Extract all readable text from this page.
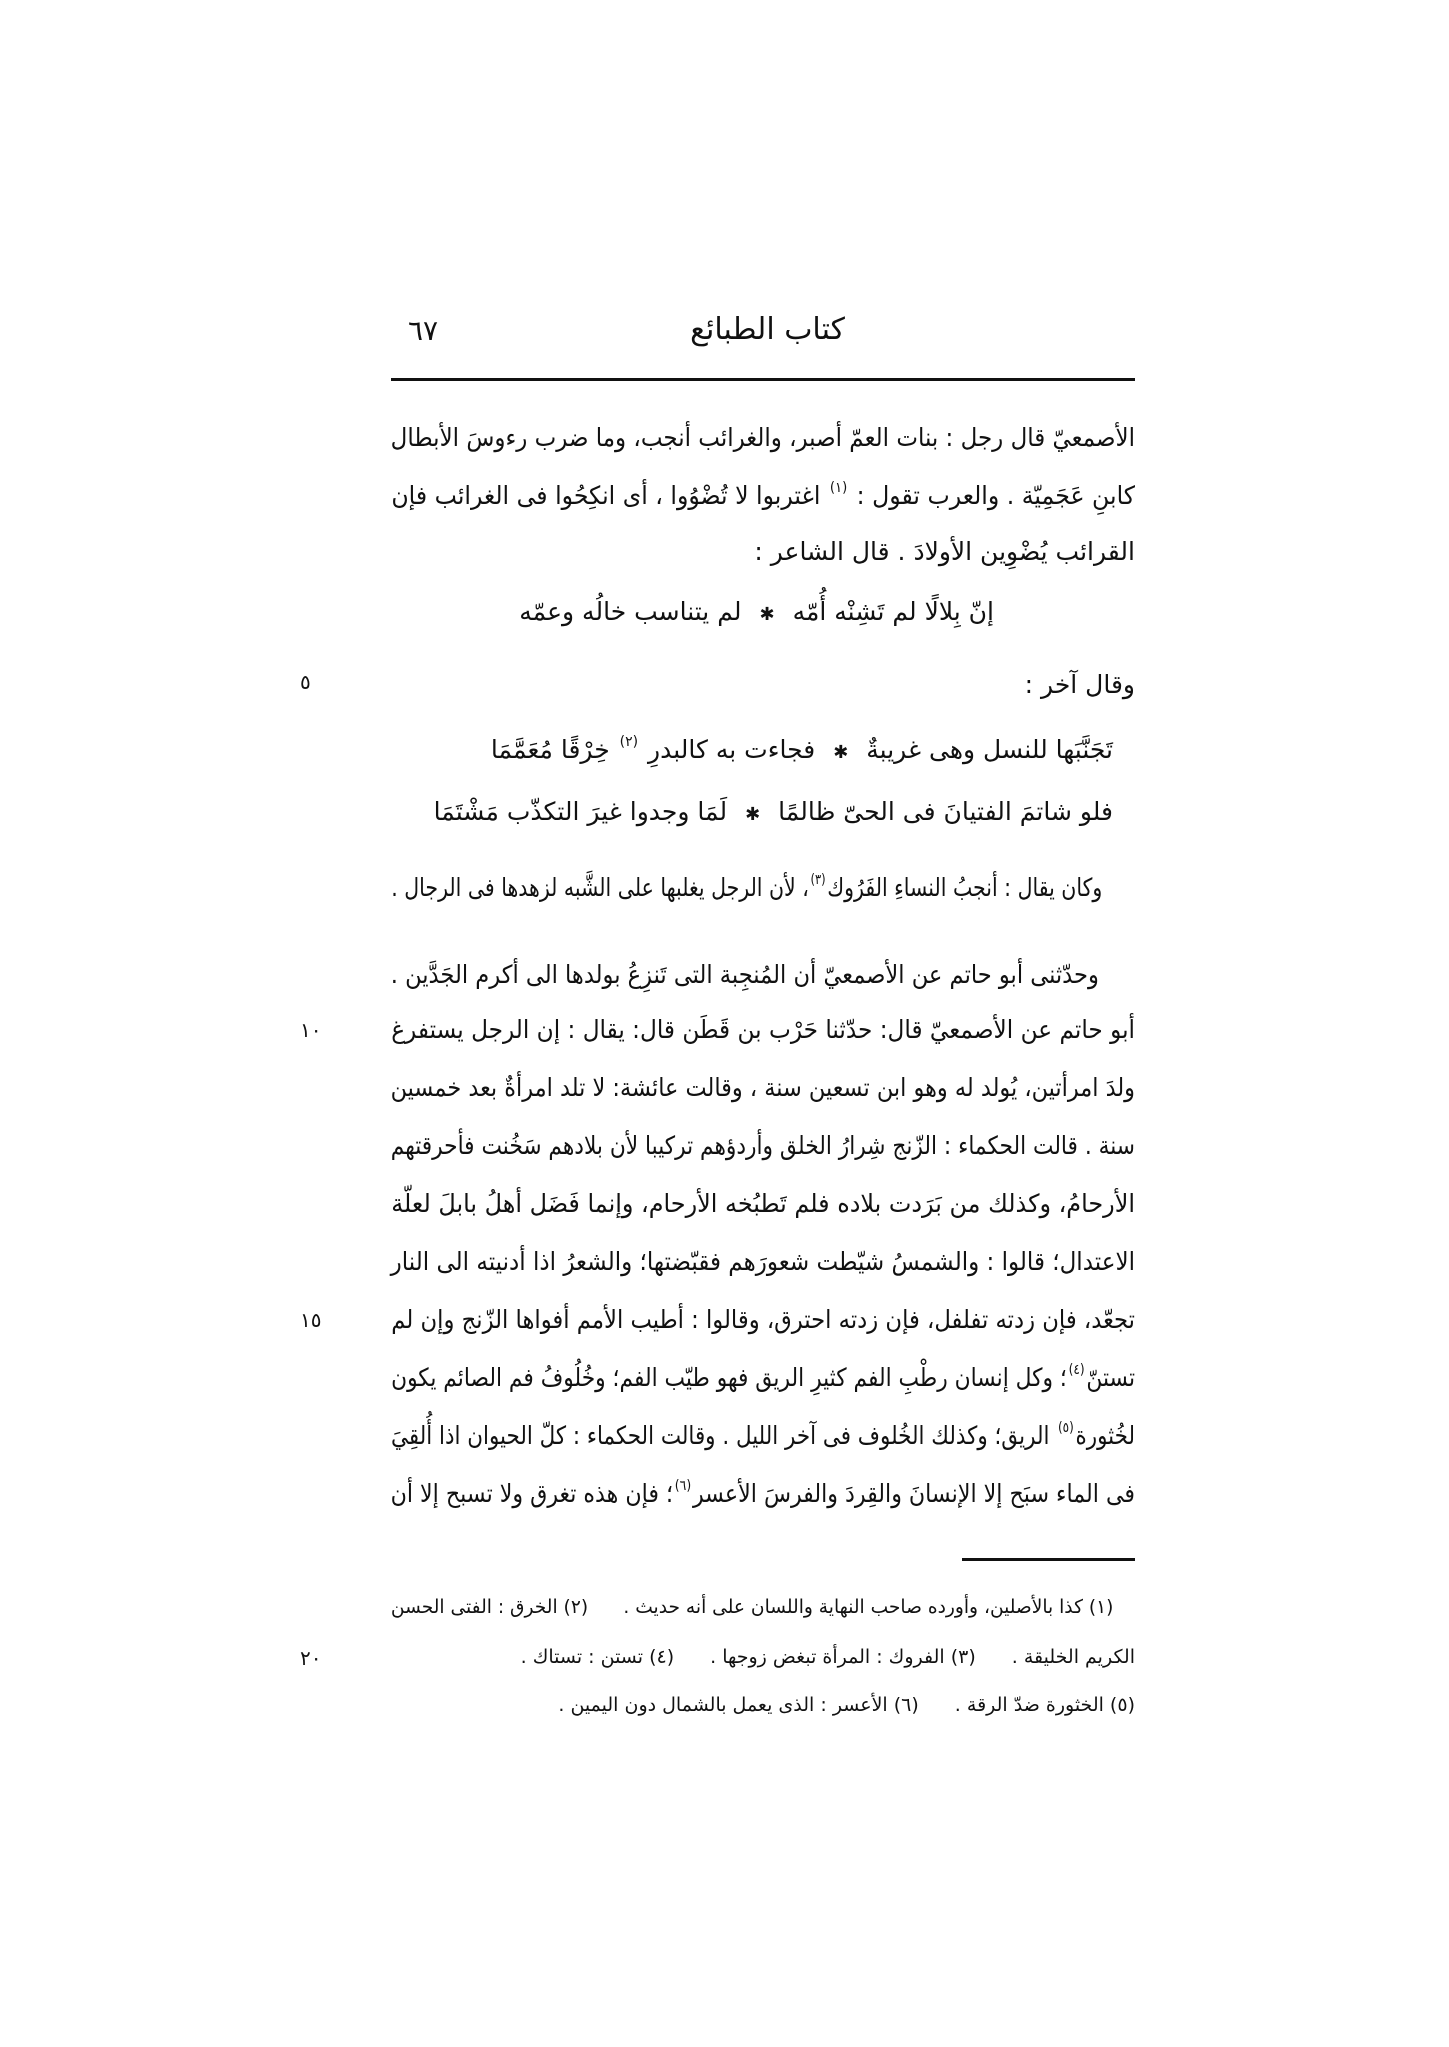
كتاب الطبائع
٦٧
الأصمعيّ قال رجل : بنات العمّ أصبر، والغرائب أنجب، وما ضرب رءوسَ الأبطال
كابنِ عَجَمِيّة . والعرب تقول : (١) اغتربوا لا تُضْوُوا ، أى انكِحُوا فى الغرائب فإن
القرائب يُضْوِين الأولادَ . قال الشاعر :
إنّ بِلالًا لم تَشِنْه أُمّه✱لم يتناسب خالُه وعمّه
وقال آخر :
تَجَنَّبَها للنسل وهى غريبةٌ✱فجاءت به كالبدرِ (٢) خِرْقًا مُعَمَّمَا
فلو شاتمَ الفتيانَ فى الحىّ ظالمًا✱لَمَا وجدوا غيرَ التكذّب مَشْتَمَا
وكان يقال : أنجبُ النساءِ الفَرُوك(٣)، لأن الرجل يغلبها على الشَّبه لزهدها فى الرجال .
وحدّثنى أبو حاتم عن الأصمعيّ أن المُنجِبة التى تَنزِعُ بولدها الى أكرم الجَدَّين .
أبو حاتم عن الأصمعيّ قال: حدّثنا حَرْب بن قَطَن قال: يقال : إن الرجل يستفرغ
ولدَ امرأتين، يُولد له وهو ابن تسعين سنة ، وقالت عائشة: لا تلد امرأةٌ بعد خمسين
سنة . قالت الحكماء : الزّنج شِرارُ الخلق وأردؤهم تركيبا لأن بلادهم سَخُنت فأحرقتهم
الأرحامُ، وكذلك من بَرَدت بلاده فلم تَطبُخه الأرحام، وإنما فَضَل أهلُ بابلَ لعلّة
الاعتدال؛ قالوا : والشمسُ شيّطت شعورَهم فقبّضتها؛ والشعرُ اذا أدنيته الى النار
تجعّد، فإن زدته تفلفل، فإن زدته احترق، وقالوا : أطيب الأمم أفواها الزّنج وإن لم
تستنّ(٤)؛ وكل إنسان رطْبِ الفم كثيرِ الريق فهو طيّب الفم؛ وخُلُوفُ فم الصائم يكون
لخُثورة(٥) الريق؛ وكذلك الخُلوف فى آخر الليل . وقالت الحكماء : كلّ الحيوان اذا أُلقِيَ
فى الماء سبَح إلا الإنسانَ والقِردَ والفرسَ الأعسر(٦)؛ فإن هذه تغرق ولا تسبح إلا أن
٥
١٠
١٥
٢٠
(١) كذا بالأصلين، وأورده صاحب النهاية واللسان على أنه حديث .(٢) الخرق : الفتى الحسن
الكريم الخليقة .(٣) الفروك : المرأة تبغض زوجها .(٤) تستن : تستاك .
(٥) الخثورة ضدّ الرقة .(٦) الأعسر : الذى يعمل بالشمال دون اليمين .
